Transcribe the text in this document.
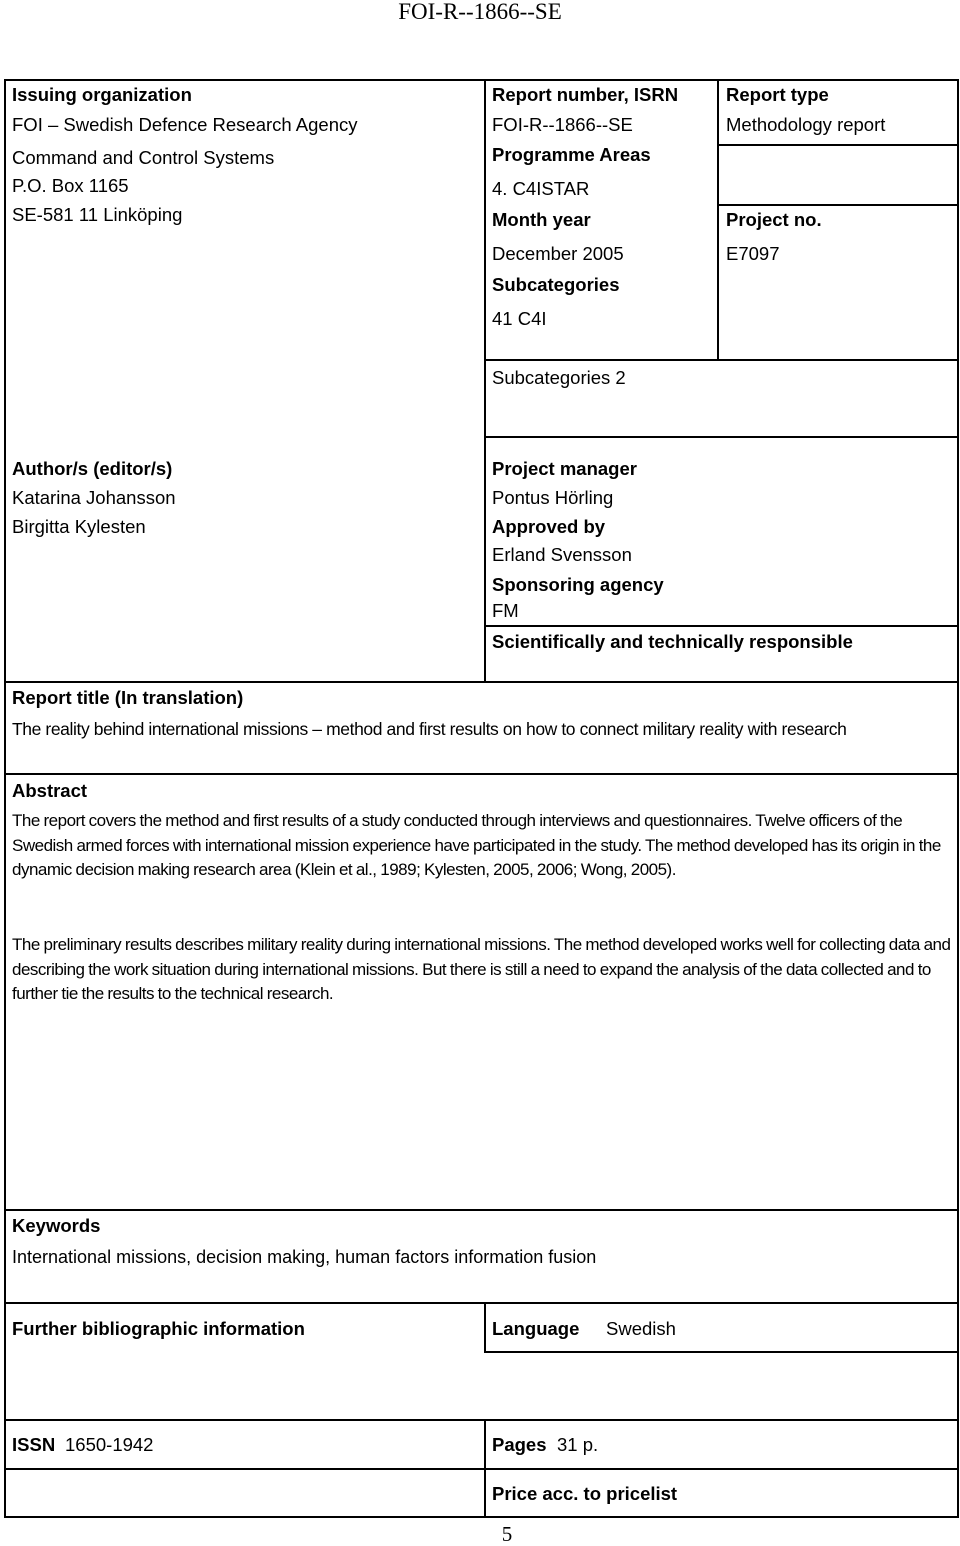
FOI-R--1866--SE
Issuing organization
FOI – Swedish Defence Research Agency
Command and Control Systems
P.O. Box 1165
SE-581 11 Linköping
Report number, ISRN
FOI-R--1866--SE
Programme Areas
4. C4ISTAR
Month year
December 2005
Subcategories
41 C4I
Subcategories 2
Report type
Methodology report
Project no.
E7097
Author/s (editor/s)
Katarina Johansson
Birgitta Kylesten
Project manager
Pontus Hörling
Approved by
Erland Svensson
Sponsoring agency
FM
Scientifically and technically responsible
Report title (In translation)
The reality behind international missions – method and first results on how to connect military reality with research
Abstract
The report covers the method and first results of a study conducted through interviews and questionnaires. Twelve officers of the Swedish armed forces with international mission experience have participated in the study. The method developed has its origin in the dynamic decision making research area (Klein et al., 1989; Kylesten, 2005, 2006; Wong, 2005).
The preliminary results describes military reality during international missions. The method developed works well for collecting data and describing the work situation during international missions. But there is still a need to expand the analysis of the data collected and to further tie the results to the technical research.
Keywords
International missions, decision making, human factors information fusion
Further bibliographic information	Language Swedish
ISSN 1650-1942	Pages 31 p.
Price acc. to pricelist
5
